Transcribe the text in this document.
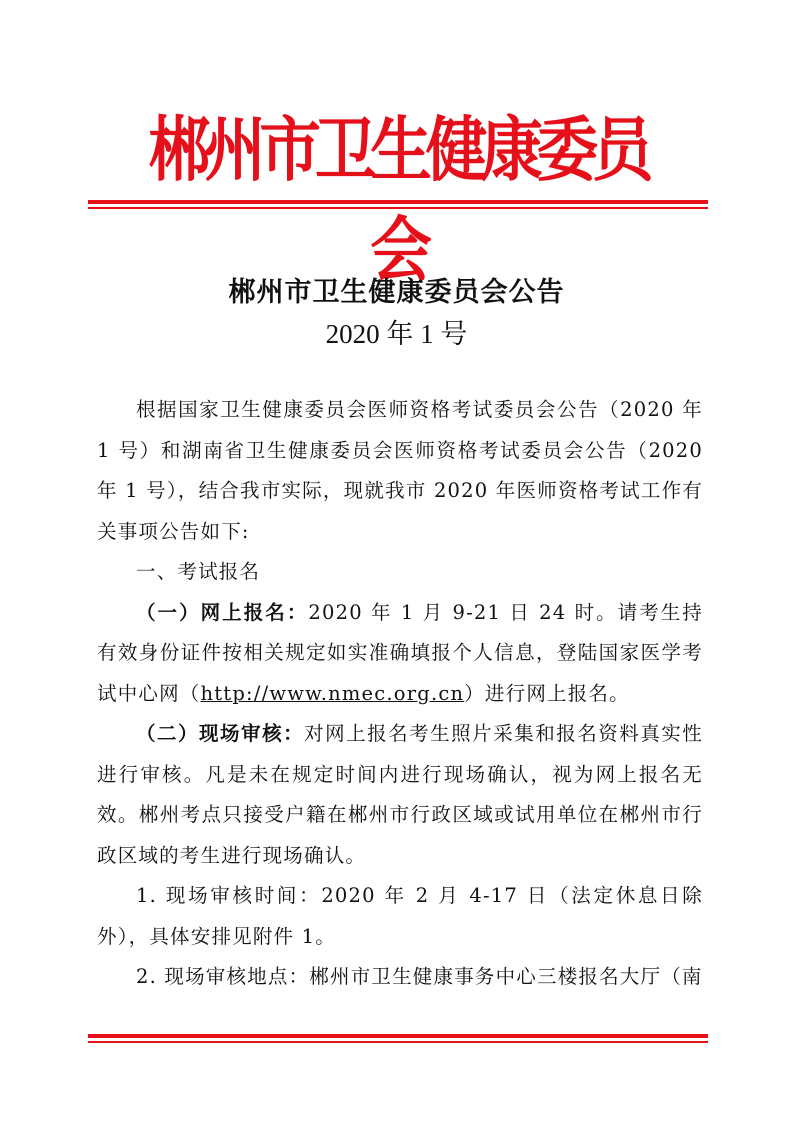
郴州市卫生健康委员会
郴州市卫生健康委员会公告
2020 年 1 号

根据国家卫生健康委员会医师资格考试委员会公告（2020 年 1 号）和湖南省卫生健康委员会医师资格考试委员会公告（2020 年 1 号），结合我市实际，现就我市 2020 年医师资格考试工作有关事项公告如下:

一、考试报名

（一）网上报名：2020 年 1 月 9-21 日 24 时。请考生持有效身份证件按相关规定如实准确填报个人信息，登陆国家医学考试中心网（http://www.nmec.org.cn）进行网上报名。

（二）现场审核：对网上报名考生照片采集和报名资料真实性进行审核。凡是未在规定时间内进行现场确认，视为网上报名无效。郴州考点只接受户籍在郴州市行政区域或试用单位在郴州市行政区域的考生进行现场确认。

1. 现场审核时间：2020 年 2 月 4-17 日（法定休息日除外），具体安排见附件 1。

2. 现场审核地点：郴州市卫生健康事务中心三楼报名大厅（南
